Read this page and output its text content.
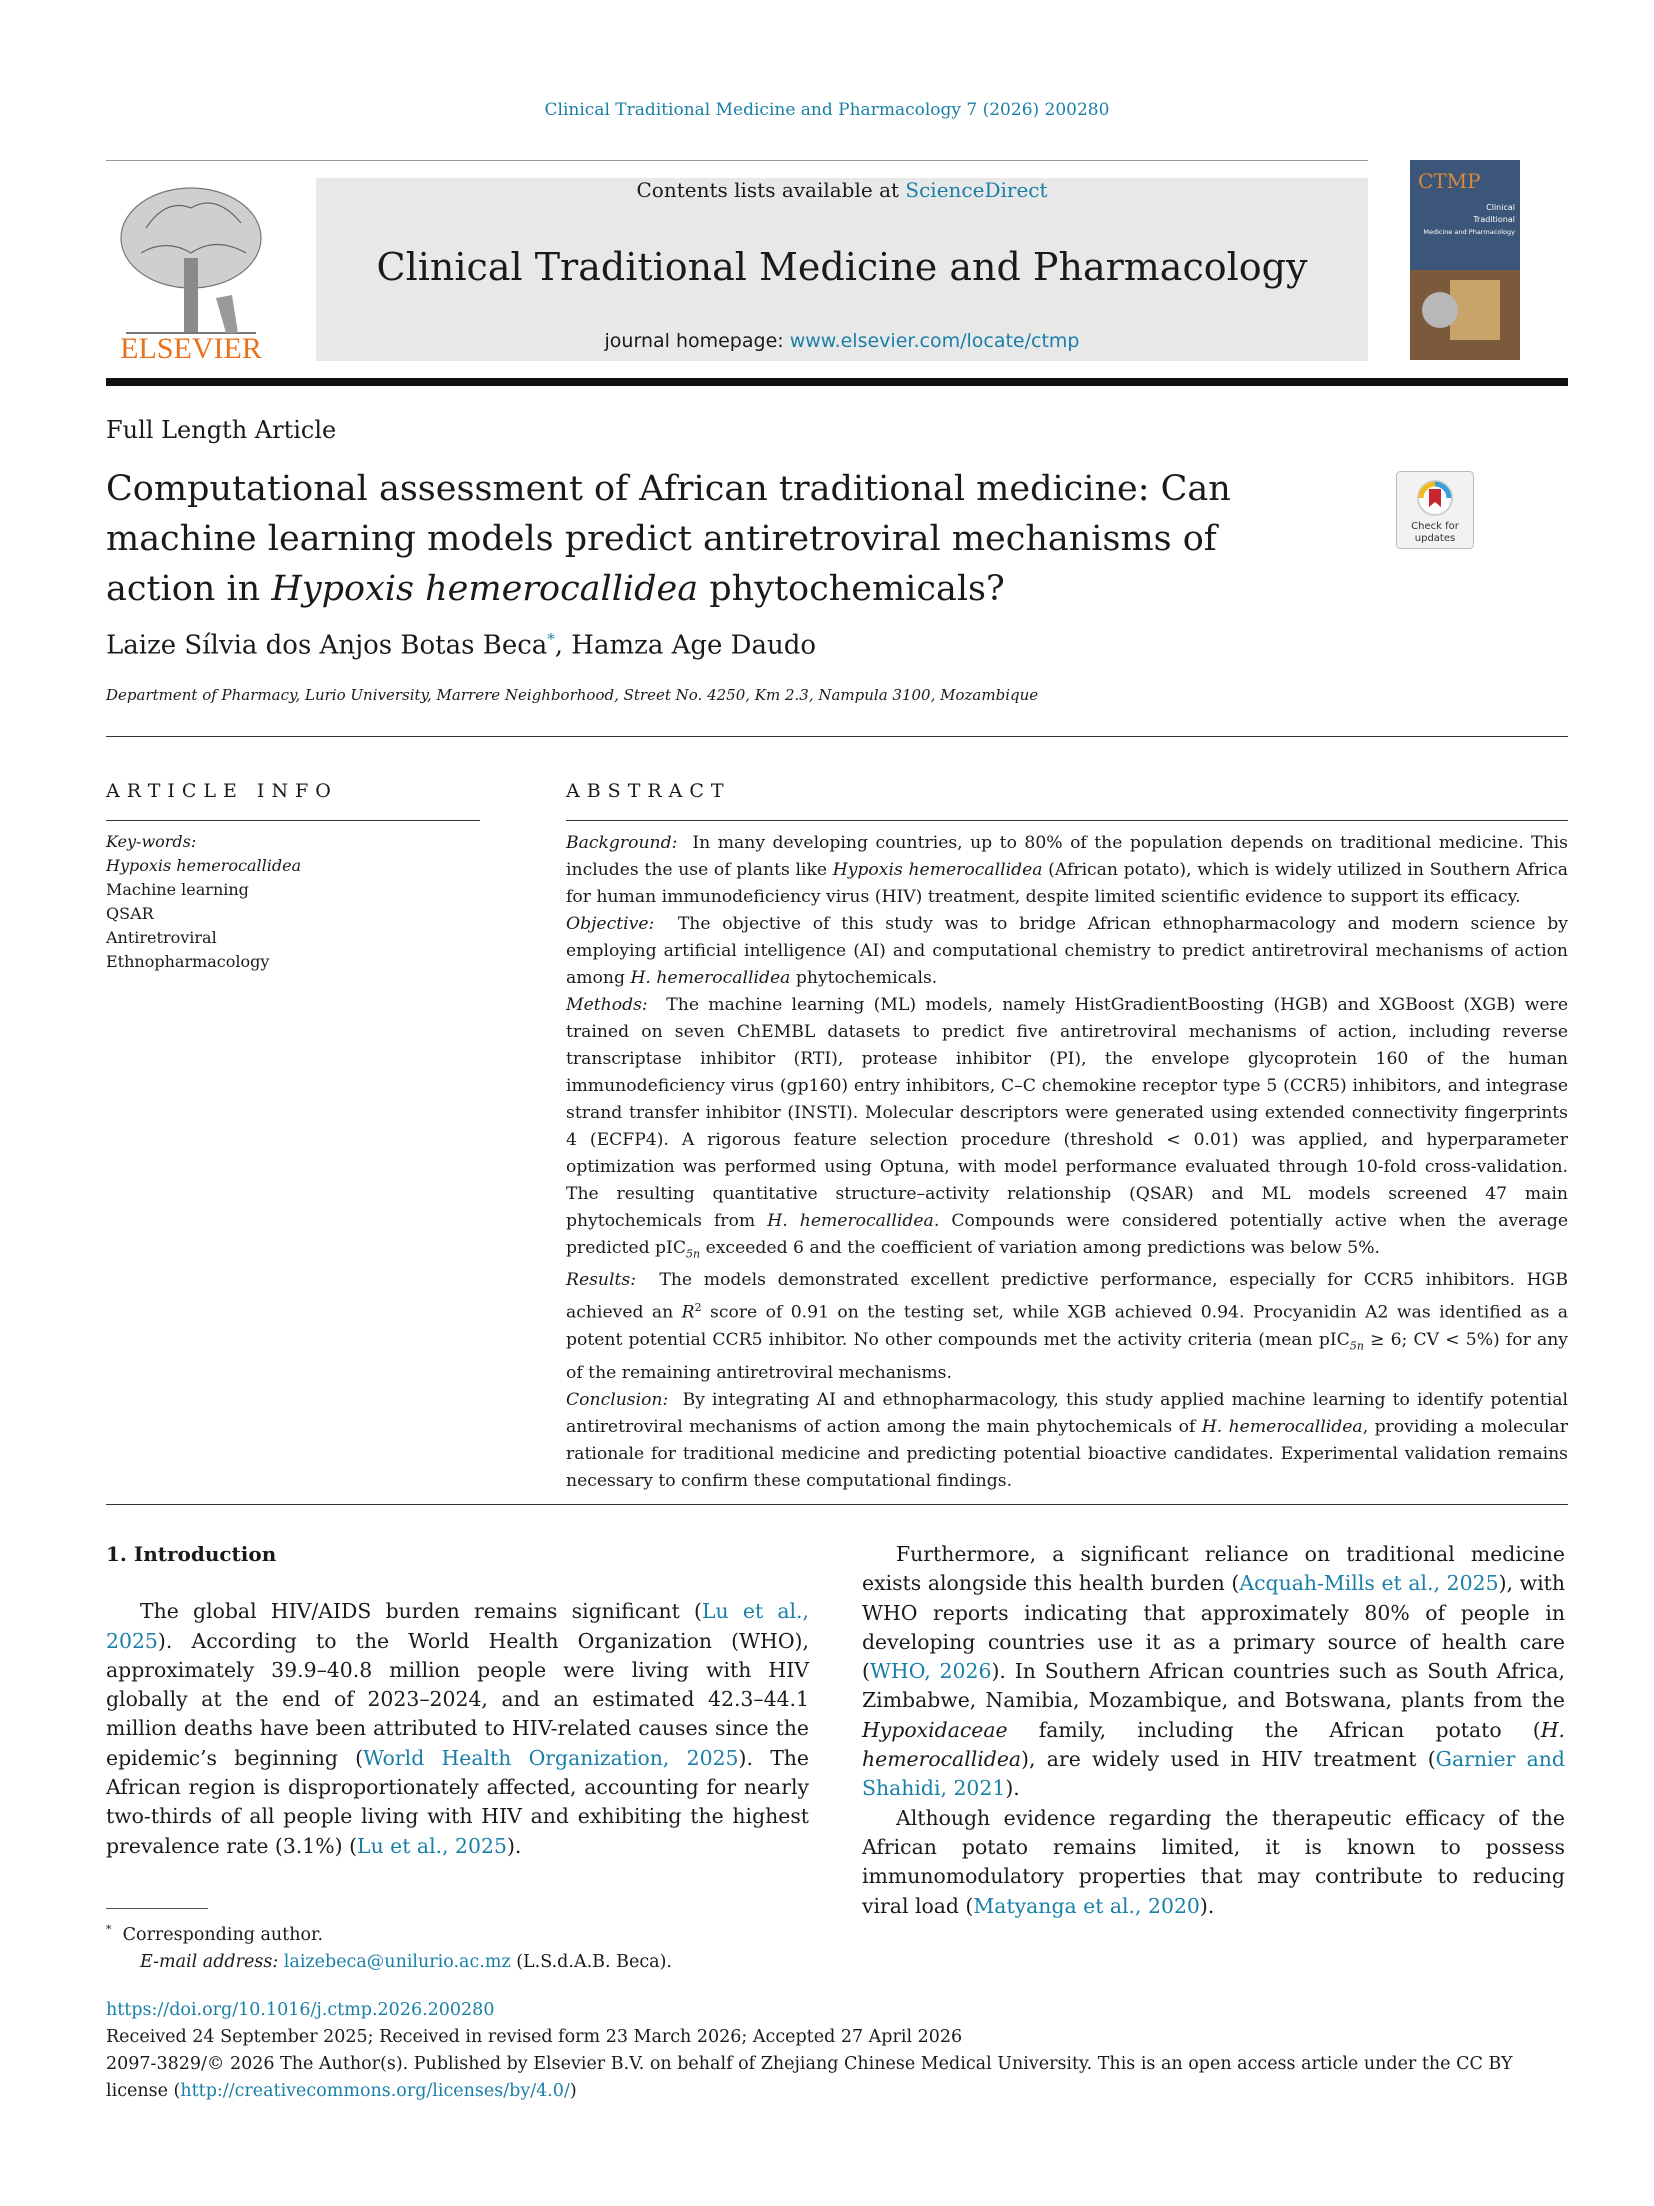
Clinical Traditional Medicine and Pharmacology 7 (2026) 200280
ELSEVIER
Contents lists available at ScienceDirect
Clinical Traditional Medicine and Pharmacology
journal homepage: www.elsevier.com/locate/ctmp
CTMP
Clinical
Traditional
Medicine and Pharmacology
Full Length Article
Computational assessment of African traditional medicine: Can machine learning models predict antiretroviral mechanisms of action in Hypoxis hemerocallidea phytochemicals?
Check for
updates
Laize Sílvia dos Anjos Botas Beca*, Hamza Age Daudo
Department of Pharmacy, Lurio University, Marrere Neighborhood, Street No. 4250, Km 2.3, Nampula 3100, Mozambique
ARTICLE INFO	ABSTRACT
Key-words:
Hypoxis hemerocallidea
Machine learning
QSAR
Antiretroviral
Ethnopharmacology

Background: In many developing countries, up to 80% of the population depends on traditional medicine. This includes the use of plants like Hypoxis hemerocallidea (African potato), which is widely utilized in Southern Africa for human immunodeficiency virus (HIV) treatment, despite limited scientific evidence to support its efficacy.

Objective: The objective of this study was to bridge African ethnopharmacology and modern science by employing artificial intelligence (AI) and computational chemistry to predict antiretroviral mechanisms of action among H. hemerocallidea phytochemicals.

Methods: The machine learning (ML) models, namely HistGradientBoosting (HGB) and XGBoost (XGB) were trained on seven ChEMBL datasets to predict five antiretroviral mechanisms of action, including reverse transcriptase inhibitor (RTI), protease inhibitor (PI), the envelope glycoprotein 160 of the human immunodeficiency virus (gp160) entry inhibitors, C–C chemokine receptor type 5 (CCR5) inhibitors, and integrase strand transfer inhibitor (INSTI). Molecular descriptors were generated using extended connectivity fingerprints 4 (ECFP4). A rigorous feature selection procedure (threshold < 0.01) was applied, and hyperparameter optimization was performed using Optuna, with model performance evaluated through 10-fold cross-validation. The resulting quantitative structure–activity relationship (QSAR) and ML models screened 47 main phytochemicals from H. hemerocallidea. Compounds were considered potentially active when the average predicted pIC$_{5n}$ exceeded 6 and the coefficient of variation among predictions was below 5%.

Results: The models demonstrated excellent predictive performance, especially for CCR5 inhibitors. HGB achieved an $R^2$ score of 0.91 on the testing set, while XGB achieved 0.94. Procyanidin A2 was identified as a potent potential CCR5 inhibitor. No other compounds met the activity criteria (mean pIC$_{5n}$ ≥ 6; CV < 5%) for any of the remaining antiretroviral mechanisms.

Conclusion: By integrating AI and ethnopharmacology, this study applied machine learning to identify potential antiretroviral mechanisms of action among the main phytochemicals of H. hemerocallidea, providing a molecular rationale for traditional medicine and predicting potential bioactive candidates. Experimental validation remains necessary to confirm these computational findings.

1. Introduction

The global HIV/AIDS burden remains significant (Lu et al., 2025). According to the World Health Organization (WHO), approximately 39.9–40.8 million people were living with HIV globally at the end of 2023–2024, and an estimated 42.3–44.1 million deaths have been attributed to HIV-related causes since the epidemic’s beginning (World Health Organization, 2025). The African region is disproportionately affected, accounting for nearly two-thirds of all people living with HIV and exhibiting the highest prevalence rate (3.1%) (Lu et al., 2025).

Furthermore, a significant reliance on traditional medicine exists alongside this health burden (Acquah-Mills et al., 2025), with WHO reports indicating that approximately 80% of people in developing countries use it as a primary source of health care (WHO, 2026). In Southern African countries such as South Africa, Zimbabwe, Namibia, Mozambique, and Botswana, plants from the Hypoxidaceae family, including the African potato (H. hemerocallidea), are widely used in HIV treatment (Garnier and Shahidi, 2021).

Although evidence regarding the therapeutic efficacy of the African potato remains limited, it is known to possess immunomodulatory properties that may contribute to reducing viral load (Matyanga et al., 2020).

* Corresponding author.
E-mail address: laizebeca@unilurio.ac.mz (L.S.d.A.B. Beca).
https://doi.org/10.1016/j.ctmp.2026.200280
Received 24 September 2025; Received in revised form 23 March 2026; Accepted 27 April 2026
2097-3829/© 2026 The Author(s). Published by Elsevier B.V. on behalf of Zhejiang Chinese Medical University. This is an open access article under the CC BY license (http://creativecommons.org/licenses/by/4.0/)
